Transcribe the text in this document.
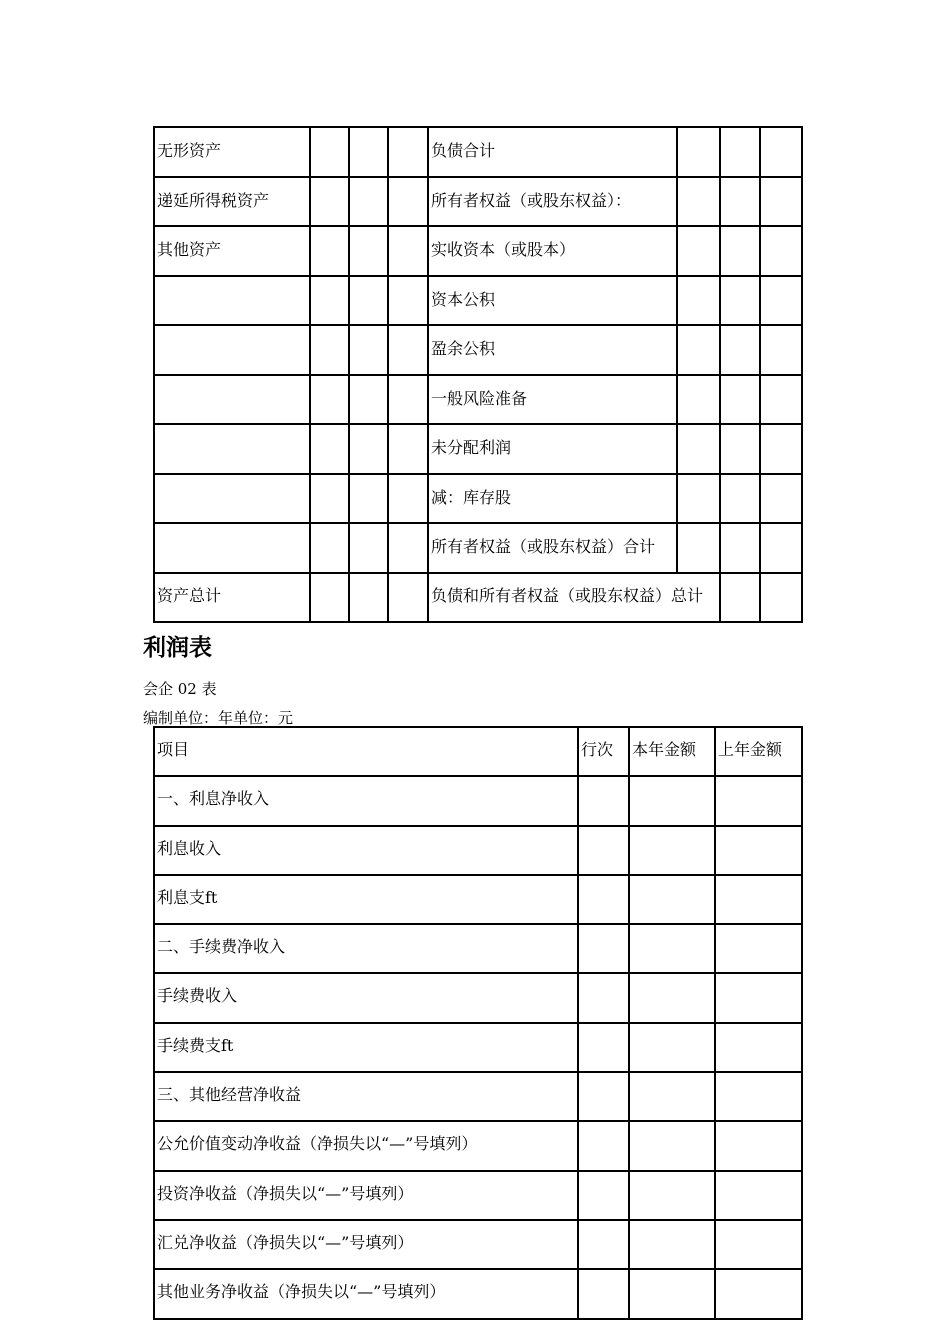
无形资产				负债合计			
递延所得税资产				所有者权益（或股东权益）：			
其他资产				实收资本（或股本）			
				资本公积			
				盈余公积			
				一般风险准备			
				未分配利润			
				减：库存股			
				所有者权益（或股东权益）合计			
资产总计				负债和所有者权益（或股东权益）总计			
利润表
会企 02 表
编制单位：年单位：元
项目	行次	本年金额	上年金额
一、利息净收入			
利息收入			
利息支ft			
二、手续费净收入			
手续费收入			
手续费支ft			
三、其他经营净收益			
公允价值变动净收益（净损失以“—”号填列）			
投资净收益（净损失以“—”号填列）			
汇兑净收益（净损失以“—”号填列）			
其他业务净收益（净损失以“—”号填列）			
